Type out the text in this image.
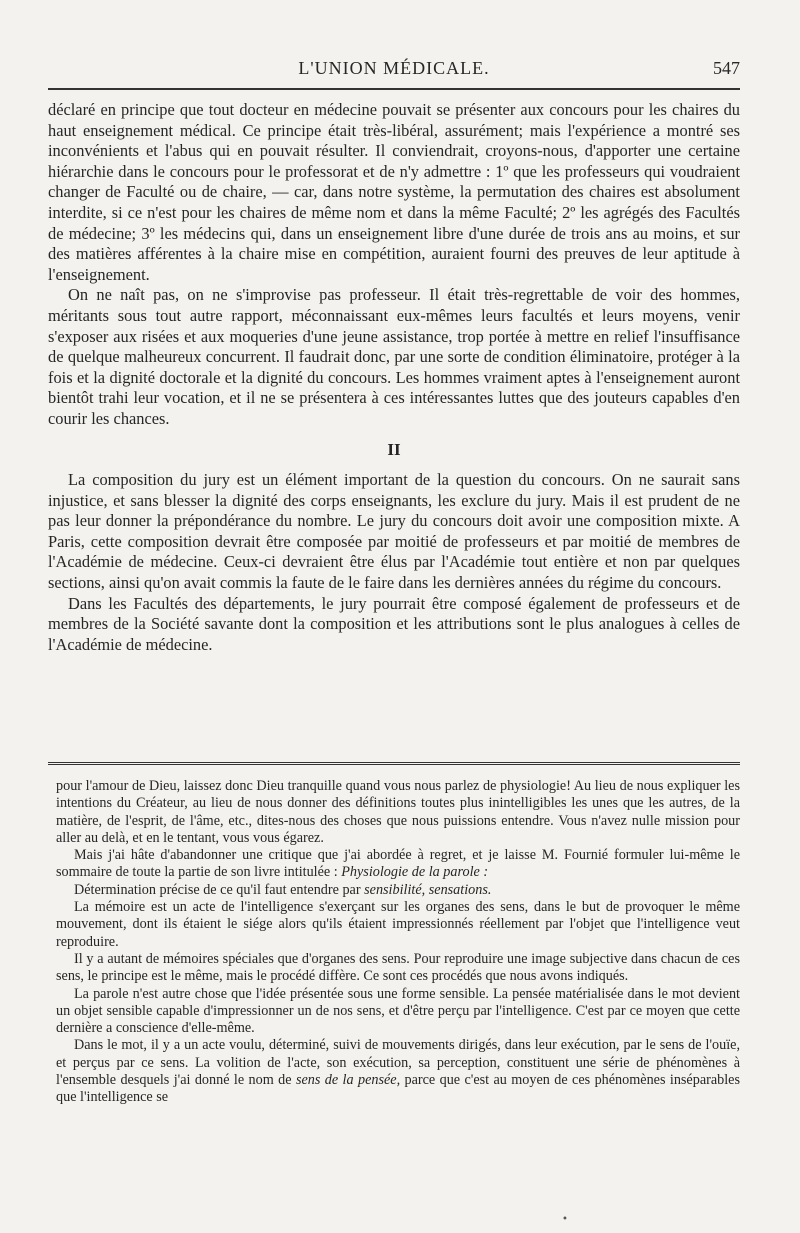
L'UNION MÉDICALE.	547

déclaré en principe que tout docteur en médecine pouvait se présenter aux concours pour les chaires du haut enseignement médical. Ce principe était très-libéral, assurément; mais l'expérience a montré ses inconvénients et l'abus qui en pouvait résulter. Il conviendrait, croyons-nous, d'apporter une certaine hiérarchie dans le concours pour le professorat et de n'y admettre : 1º que les professeurs qui voudraient changer de Faculté ou de chaire, — car, dans notre système, la permutation des chaires est absolument interdite, si ce n'est pour les chaires de même nom et dans la même Faculté; 2º les agrégés des Facultés de médecine; 3º les médecins qui, dans un enseignement libre d'une durée de trois ans au moins, et sur des matières afférentes à la chaire mise en compétition, auraient fourni des preuves de leur aptitude à l'enseignement.

On ne naît pas, on ne s'improvise pas professeur. Il était très-regrettable de voir des hommes, méritants sous tout autre rapport, méconnaissant eux-mêmes leurs facultés et leurs moyens, venir s'exposer aux risées et aux moqueries d'une jeune assistance, trop portée à mettre en relief l'insuffisance de quelque malheureux concurrent. Il faudrait donc, par une sorte de condition éliminatoire, protéger à la fois et la dignité doctorale et la dignité du concours. Les hommes vraiment aptes à l'enseignement auront bientôt trahi leur vocation, et il ne se présentera à ces intéressantes luttes que des jouteurs capables d'en courir les chances.

II

La composition du jury est un élément important de la question du concours. On ne saurait sans injustice, et sans blesser la dignité des corps enseignants, les exclure du jury. Mais il est prudent de ne pas leur donner la prépondérance du nombre. Le jury du concours doit avoir une composition mixte. A Paris, cette composition devrait être composée par moitié de professeurs et par moitié de membres de l'Académie de médecine. Ceux-ci devraient être élus par l'Académie tout entière et non par quelques sections, ainsi qu'on avait commis la faute de le faire dans les dernières années du régime du concours.

Dans les Facultés des départements, le jury pourrait être composé également de professeurs et de membres de la Société savante dont la composition et les attributions sont le plus analogues à celles de l'Académie de médecine.

pour l'amour de Dieu, laissez donc Dieu tranquille quand vous nous parlez de physiologie! Au lieu de nous expliquer les intentions du Créateur, au lieu de nous donner des définitions toutes plus inintelligibles les unes que les autres, de la matière, de l'esprit, de l'âme, etc., dites-nous des choses que nous puissions entendre. Vous n'avez nulle mission pour aller au delà, et en le tentant, vous vous égarez.

Mais j'ai hâte d'abandonner une critique que j'ai abordée à regret, et je laisse M. Fournié formuler lui-même le sommaire de toute la partie de son livre intitulée : Physiologie de la parole :

Détermination précise de ce qu'il faut entendre par sensibilité, sensations.

La mémoire est un acte de l'intelligence s'exerçant sur les organes des sens, dans le but de provoquer le même mouvement, dont ils étaient le siége alors qu'ils étaient impressionnés réellement par l'objet que l'intelligence veut reproduire.

Il y a autant de mémoires spéciales que d'organes des sens. Pour reproduire une image subjective dans chacun de ces sens, le principe est le même, mais le procédé diffère. Ce sont ces procédés que nous avons indiqués.

La parole n'est autre chose que l'idée présentée sous une forme sensible. La pensée matérialisée dans le mot devient un objet sensible capable d'impressionner un de nos sens, et d'être perçu par l'intelligence. C'est par ce moyen que cette dernière a conscience d'elle-même.

Dans le mot, il y a un acte voulu, déterminé, suivi de mouvements dirigés, dans leur exécution, par le sens de l'ouïe, et perçus par ce sens. La volition de l'acte, son exécution, sa perception, constituent une série de phénomènes à l'ensemble desquels j'ai donné le nom de sens de la pensée, parce que c'est au moyen de ces phénomènes inséparables que l'intelligence se

•
